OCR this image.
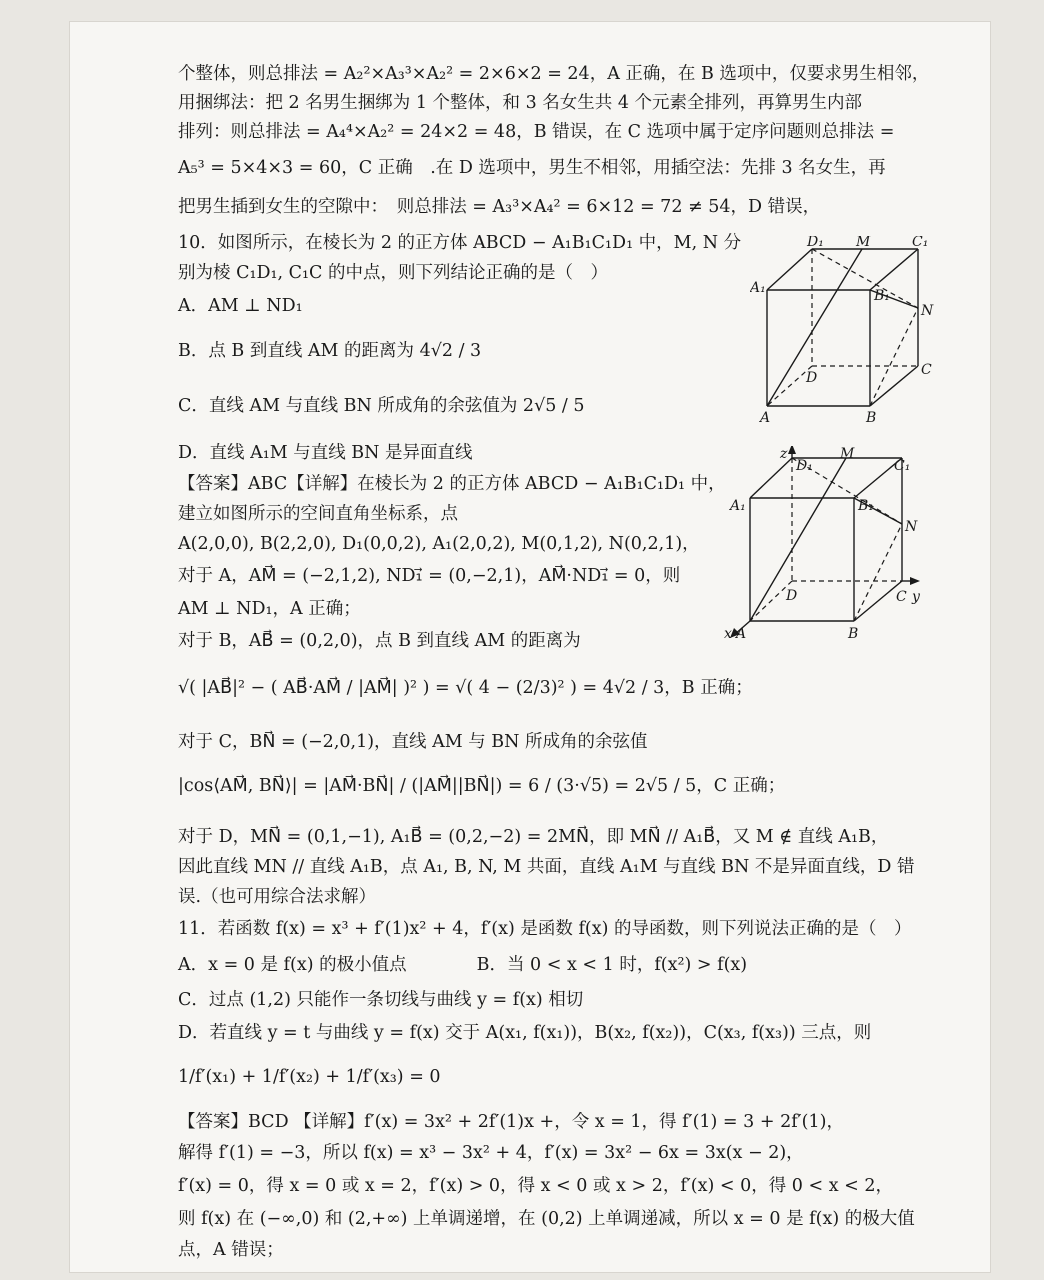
个整体，则总排法 = A₂²×A₃³×A₂² = 2×6×2 = 24，A 正确，在 B 选项中，仅要求男生相邻，
用捆绑法：把 2 名男生捆绑为 1 个整体，和 3 名女生共 4 个元素全排列，再算男生内部
排列：则总排法 = A₄⁴×A₂² = 24×2 = 48，B 错误，在 C 选项中属于定序问题则总排法 =
A₅³ = 5×4×3 = 60，C 正确　.在 D 选项中，男生不相邻，用插空法：先排 3 名女生，再
把男生插到女生的空隙中：　则总排法 = A₃³×A₄² = 6×12 = 72 ≠ 54，D 错误，
10．如图所示，在棱长为 2 的正方体 ABCD − A₁B₁C₁D₁ 中，M, N 分
别为棱 C₁D₁, C₁C 的中点，则下列结论正确的是（　）
A．AM ⊥ ND₁
B．点 B 到直线 AM 的距离为 4√2 / 3
C．直线 AM 与直线 BN 所成角的余弦值为 2√5 / 5
D．直线 A₁M 与直线 BN 是异面直线
【答案】ABC【详解】在棱长为 2 的正方体 ABCD − A₁B₁C₁D₁ 中，
建立如图所示的空间直角坐标系，点
A(2,0,0), B(2,2,0), D₁(0,0,2), A₁(2,0,2), M(0,1,2), N(0,2,1)，
对于 A，AM⃗ = (−2,1,2), ND₁⃗ = (0,−2,1)，AM⃗·ND₁⃗ = 0，则
AM ⊥ ND₁，A 正确；
对于 B，AB⃗ = (0,2,0)，点 B 到直线 AM 的距离为
√( |AB⃗|² − ( AB⃗·AM⃗ / |AM⃗| )² ) = √( 4 − (2/3)² ) = 4√2 / 3，B 正确；
对于 C，BN⃗ = (−2,0,1)，直线 AM 与 BN 所成角的余弦值
|cos⟨AM⃗, BN⃗⟩| = |AM⃗·BN⃗| / (|AM⃗||BN⃗|) = 6 / (3·√5) = 2√5 / 5，C 正确；
对于 D，MN⃗ = (0,1,−1), A₁B⃗ = (0,2,−2) = 2MN⃗，即 MN⃗ // A₁B⃗，又 M ∉ 直线 A₁B，
因此直线 MN // 直线 A₁B，点 A₁, B, N, M 共面，直线 A₁M 与直线 BN 不是异面直线，D 错
误.（也可用综合法求解）
11．若函数 f(x) = x³ + f′(1)x² + 4，f′(x) 是函数 f(x) 的导函数，则下列说法正确的是（　）
A．x = 0 是 f(x) 的极小值点　　　　B．当 0 < x < 1 时，f(x²) > f(x)
C．过点 (1,2) 只能作一条切线与曲线 y = f(x) 相切
D．若直线 y = t 与曲线 y = f(x) 交于 A(x₁, f(x₁))，B(x₂, f(x₂))，C(x₃, f(x₃)) 三点，则
1/f′(x₁) + 1/f′(x₂) + 1/f′(x₃) = 0
【答案】BCD 【详解】f′(x) = 3x² + 2f′(1)x +，令 x = 1，得 f′(1) = 3 + 2f′(1)，
解得 f′(1) = −3，所以 f(x) = x³ − 3x² + 4，f′(x) = 3x² − 6x = 3x(x − 2)，
f′(x) = 0，得 x = 0 或 x = 2，f′(x) > 0，得 x < 0 或 x > 2，f′(x) < 0，得 0 < x < 2，
则 f(x) 在 (−∞,0) 和 (2,+∞) 上单调递增，在 (0,2) 上单调递减，所以 x = 0 是 f(x) 的极大值
点，A 错误；
D₁ M	C₁
A₁	B₁
N
D	C
A	B
z
D₁
M
C₁
A₁	B₁
N
D	C y
x A	B
